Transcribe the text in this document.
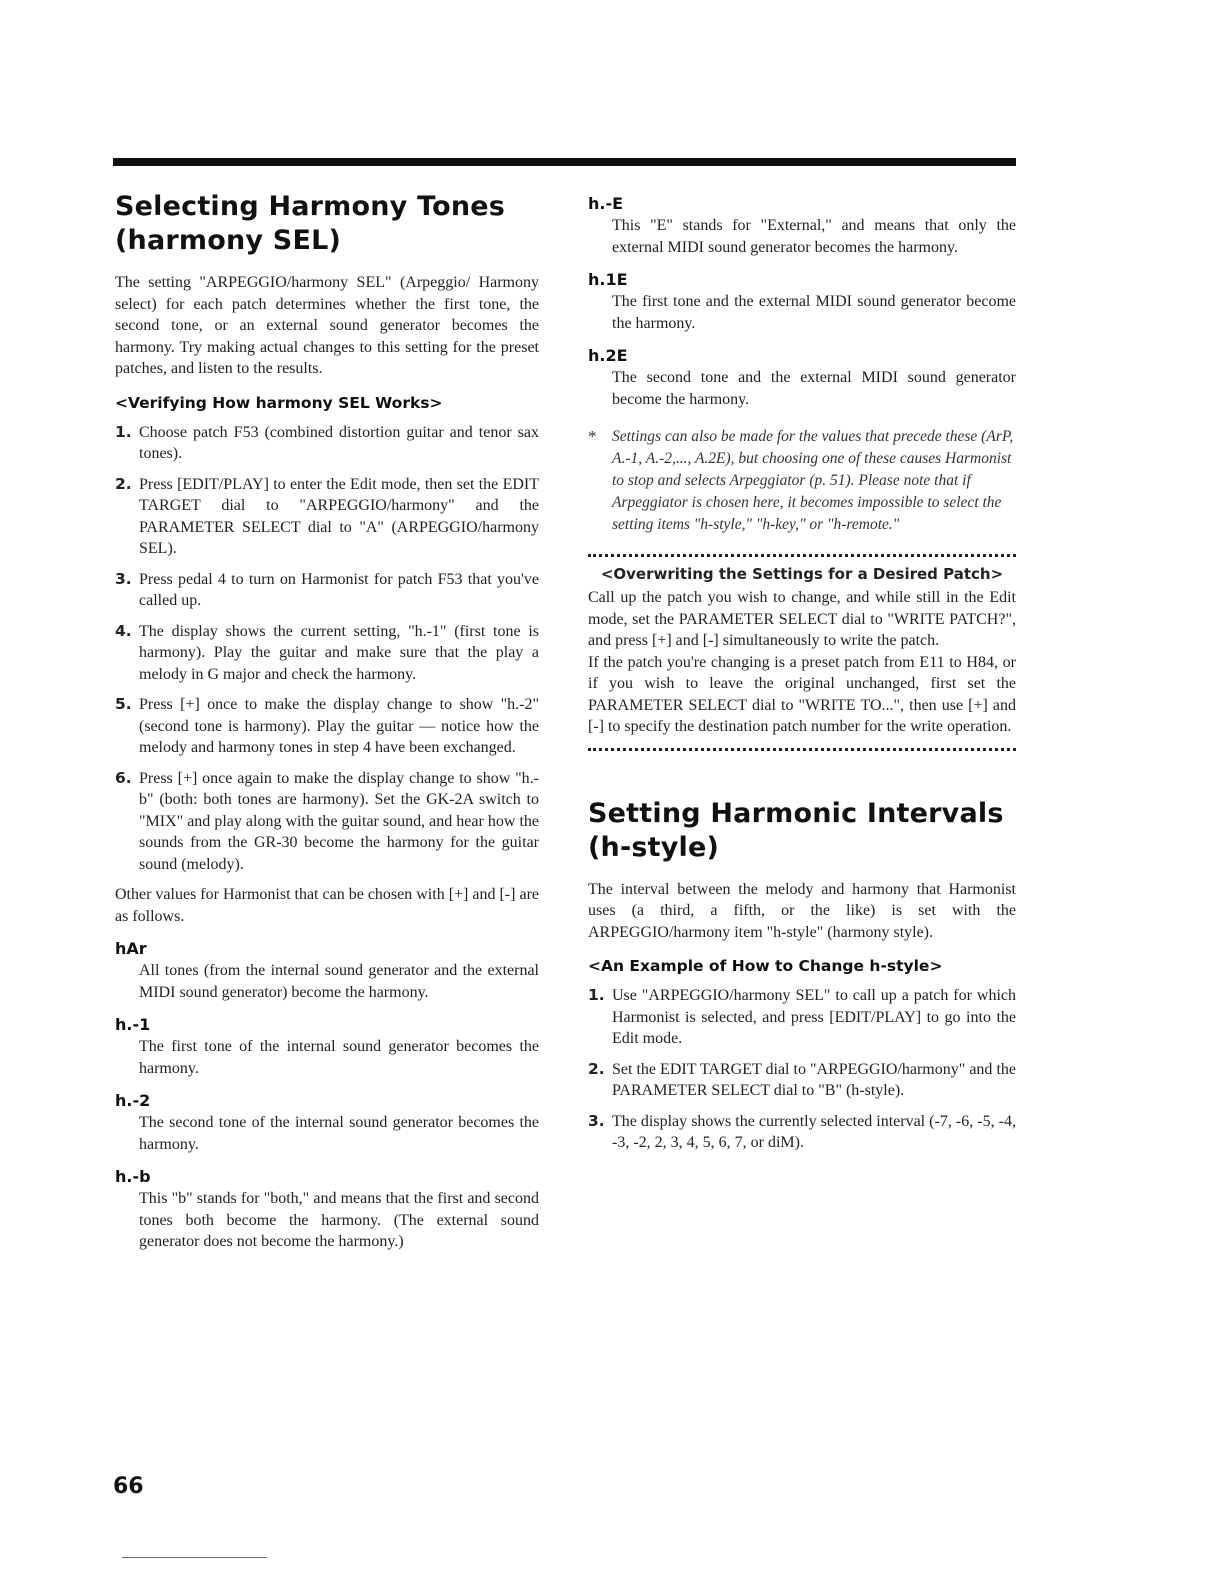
Selecting Harmony Tones
(harmony SEL)

The setting "ARPEGGIO/harmony SEL" (Arpeggio/ Harmony select) for each patch determines whether the first tone, the second tone, or an external sound generator becomes the harmony. Try making actual changes to this setting for the preset patches, and listen to the results.

<Verifying How harmony SEL Works>
1. Choose patch F53 (combined distortion guitar and tenor sax tones).
2. Press [EDIT/PLAY] to enter the Edit mode, then set the EDIT TARGET dial to "ARPEGGIO/harmony" and the PARAMETER SELECT dial to "A" (ARPEGGIO/harmony SEL).
3. Press pedal 4 to turn on Harmonist for patch F53 that you've called up.
4. The display shows the current setting, "h.-1" (first tone is harmony). Play the guitar and make sure that the play a melody in G major and check the harmony.
5. Press [+] once to make the display change to show "h.-2" (second tone is harmony). Play the guitar — notice how the melody and harmony tones in step 4 have been exchanged.
6. Press [+] once again to make the display change to show "h.-b" (both: both tones are harmony). Set the GK-2A switch to "MIX" and play along with the guitar sound, and hear how the sounds from the GR-30 become the harmony for the guitar sound (melody).

Other values for Harmonist that can be chosen with [+] and [-] are as follows.

hAr
All tones (from the internal sound generator and the external MIDI sound generator) become the harmony.
h.-1
The first tone of the internal sound generator becomes the harmony.
h.-2
The second tone of the internal sound generator becomes the harmony.
h.-b
This "b" stands for "both," and means that the first and second tones both become the harmony. (The external sound generator does not become the harmony.)
h.-E
This "E" stands for "External," and means that only the external MIDI sound generator becomes the harmony.
h.1E
The first tone and the external MIDI sound generator become the harmony.
h.2E
The second tone and the external MIDI sound generator become the harmony.
* Settings can also be made for the values that precede these (ArP, A.-1, A.-2,..., A.2E), but choosing one of these causes Harmonist to stop and selects Arpeggiator (p. 51). Please note that if Arpeggiator is chosen here, it becomes impossible to select the setting items "h-style," "h-key," or "h-remote."
<Overwriting the Settings for a Desired Patch>

Call up the patch you wish to change, and while still in the Edit mode, set the PARAMETER SELECT dial to "WRITE PATCH?", and press [+] and [-] simultaneously to write the patch.

If the patch you're changing is a preset patch from E11 to H84, or if you wish to leave the original unchanged, first set the PARAMETER SELECT dial to "WRITE TO...", then use [+] and [-] to specify the destination patch number for the write operation.

Setting Harmonic Intervals
(h-style)

The interval between the melody and harmony that Harmonist uses (a third, a fifth, or the like) is set with the ARPEGGIO/harmony item "h-style" (harmony style).

<An Example of How to Change h-style>
1. Use "ARPEGGIO/harmony SEL" to call up a patch for which Harmonist is selected, and press [EDIT/PLAY] to go into the Edit mode.
2. Set the EDIT TARGET dial to "ARPEGGIO/harmony" and the PARAMETER SELECT dial to "B" (h-style).
3. The display shows the currently selected interval (-7, -6, -5, -4, -3, -2, 2, 3, 4, 5, 6, 7, or diM).
66
